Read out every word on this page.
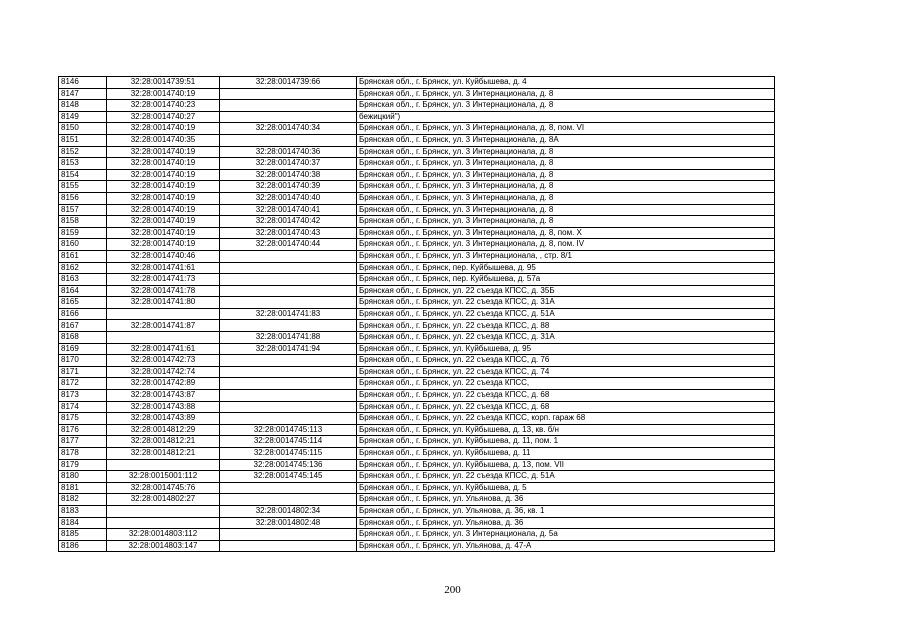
8146	32:28:0014739:51	32:28:0014739:66	Брянская обл., г. Брянск, ул. Куйбышева, д. 4
8147	32:28:0014740:19		Брянская обл., г. Брянск, ул. 3 Интернационала, д. 8
8148	32:28:0014740:23		Брянская обл., г. Брянск, ул. 3 Интернационала, д. 8
8149	32:28:0014740:27		бежицкий")
8150	32:28:0014740:19	32:28:0014740:34	Брянская обл., г. Брянск, ул. 3 Интернационала, д. 8, пом. VI
8151	32:28:0014740:35		Брянская обл., г. Брянск, ул. 3 Интернационала, д. 8А
8152	32:28:0014740:19	32:28:0014740:36	Брянская обл., г. Брянск, ул. 3 Интернационала, д. 8
8153	32:28:0014740:19	32:28:0014740:37	Брянская обл., г. Брянск, ул. 3 Интернационала, д. 8
8154	32:28:0014740:19	32:28:0014740:38	Брянская обл., г. Брянск, ул. 3 Интернационала, д. 8
8155	32:28:0014740:19	32:28:0014740:39	Брянская обл., г. Брянск, ул. 3 Интернационала, д. 8
8156	32:28:0014740:19	32:28:0014740:40	Брянская обл., г. Брянск, ул. 3 Интернационала, д. 8
8157	32:28:0014740:19	32:28:0014740:41	Брянская обл., г. Брянск, ул. 3 Интернационала, д. 8
8158	32:28:0014740:19	32:28:0014740:42	Брянская обл., г. Брянск, ул. 3 Интернационала, д. 8
8159	32:28:0014740:19	32:28:0014740:43	Брянская обл., г. Брянск, ул. 3 Интернационала, д. 8, пом. X
8160	32:28:0014740:19	32:28:0014740:44	Брянская обл., г. Брянск, ул. 3 Интернационала, д. 8, пом. IV
8161	32:28:0014740:46		Брянская обл., г. Брянск, ул. 3 Интернационала, , стр. 8/1
8162	32:28:0014741:61		Брянская обл., г. Брянск, пер. Куйбышева, д. 95
8163	32:28:0014741:73		Брянская обл., г. Брянск, пер. Куйбышева, д. 57а
8164	32:28:0014741:78		Брянская обл., г. Брянск, ул. 22 съезда КПСС, д. 35Б
8165	32:28:0014741:80		Брянская обл., г. Брянск, ул. 22 съезда КПСС, д. 31А
8166		32:28:0014741:83	Брянская обл., г. Брянск, ул. 22 съезда КПСС, д. 51А
8167	32:28:0014741:87		Брянская обл., г. Брянск, ул. 22 съезда КПСС, д. 88
8168		32:28:0014741:88	Брянская обл., г. Брянск, ул. 22 съезда КПСС, д. 31А
8169	32:28:0014741:61	32:28:0014741:94	Брянская обл., г. Брянск, ул. Куйбышева, д. 95
8170	32:28:0014742:73		Брянская обл., г. Брянск, ул. 22 съезда КПСС, д. 76
8171	32:28:0014742:74		Брянская обл., г. Брянск, ул. 22 съезда КПСС, д. 74
8172	32:28:0014742:89		Брянская обл., г. Брянск, ул. 22 съезда КПСС,
8173	32:28:0014743:87		Брянская обл., г. Брянск, ул. 22 съезда КПСС, д. 68
8174	32:28:0014743:88		Брянская обл., г. Брянск, ул. 22 съезда КПСС, д. 68
8175	32:28:0014743:89		Брянская обл., г. Брянск, ул. 22 съезда КПСС, корп. гараж 68
8176	32:28:0014812:29	32:28:0014745:113	Брянская обл., г. Брянск, ул. Куйбышева, д. 13, кв. б/н
8177	32:28:0014812:21	32:28:0014745:114	Брянская обл., г. Брянск, ул. Куйбышева, д. 11, пом. 1
8178	32:28:0014812:21	32:28:0014745:115	Брянская обл., г. Брянск, ул. Куйбышева, д. 11
8179		32:28:0014745:136	Брянская обл., г. Брянск, ул. Куйбышева, д. 13, пом. VII
8180	32:28:0015001:112	32:28:0014745:145	Брянская обл., г. Брянск, ул. 22 съезда КПСС, д. 51А
8181	32:28:0014745:76		Брянская обл., г. Брянск, ул. Куйбышева, д. 5
8182	32:28:0014802:27		Брянская обл., г. Брянск, ул. Ульянова, д. 36
8183		32:28:0014802:34	Брянская обл., г. Брянск, ул. Ульянова, д. 36, кв. 1
8184		32:28:0014802:48	Брянская обл., г. Брянск, ул. Ульянова, д. 36
8185	32:28:0014803:112		Брянская обл., г. Брянск, ул. 3 Интернационала, д. 5а
8186	32:28:0014803:147		Брянская обл., г. Брянск, ул. Ульянова, д. 47-А
200
